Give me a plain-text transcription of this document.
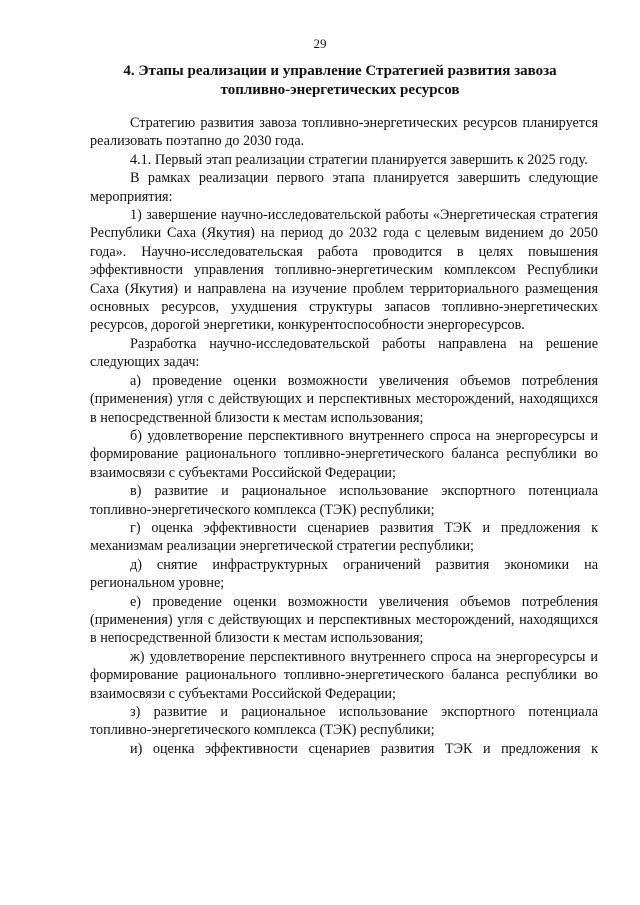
29
4. Этапы реализации и управление Стратегией развития завоза
топливно-энергетических ресурсов

Стратегию развития завоза топливно-энергетических ресурсов планируется реализовать поэтапно до 2030 года.

4.1. Первый этап реализации стратегии планируется завершить к 2025 году.

В рамках реализации первого этапа планируется завершить следующие мероприятия:

1) завершение научно-исследовательской работы «Энергетическая стратегия Республики Саха (Якутия) на период до 2032 года с целевым видением до 2050 года». Научно-исследовательская работа проводится в целях повышения эффективности управления топливно-энергетическим комплексом Республики Саха (Якутия) и направлена на изучение проблем территориального размещения основных ресурсов, ухудшения структуры запасов топливно-энергетических ресурсов, дорогой энергетики, конкурентоспособности энергоресурсов.

Разработка научно-исследовательской работы направлена на решение следующих задач:

а) проведение оценки возможности увеличения объемов потребления (применения) угля с действующих и перспективных месторождений, находящихся в непосредственной близости к местам использования;

б) удовлетворение перспективного внутреннего спроса на энергоресурсы и формирование рационального топливно-энергетического баланса республики во взаимосвязи с субъектами Российской Федерации;

в) развитие и рациональное использование экспортного потенциала топливно-энергетического комплекса (ТЭК) республики;

г) оценка эффективности сценариев развития ТЭК и предложения к механизмам реализации энергетической стратегии республики;

д) снятие инфраструктурных ограничений развития экономики на региональном уровне;

е) проведение оценки возможности увеличения объемов потребления (применения) угля с действующих и перспективных месторождений, находящихся в непосредственной близости к местам использования;

ж) удовлетворение перспективного внутреннего спроса на энергоресурсы и формирование рационального топливно-энергетического баланса республики во взаимосвязи с субъектами Российской Федерации;

з) развитие и рациональное использование экспортного потенциала топливно-энергетического комплекса (ТЭК) республики;

и) оценка эффективности сценариев развития ТЭК и предложения к
